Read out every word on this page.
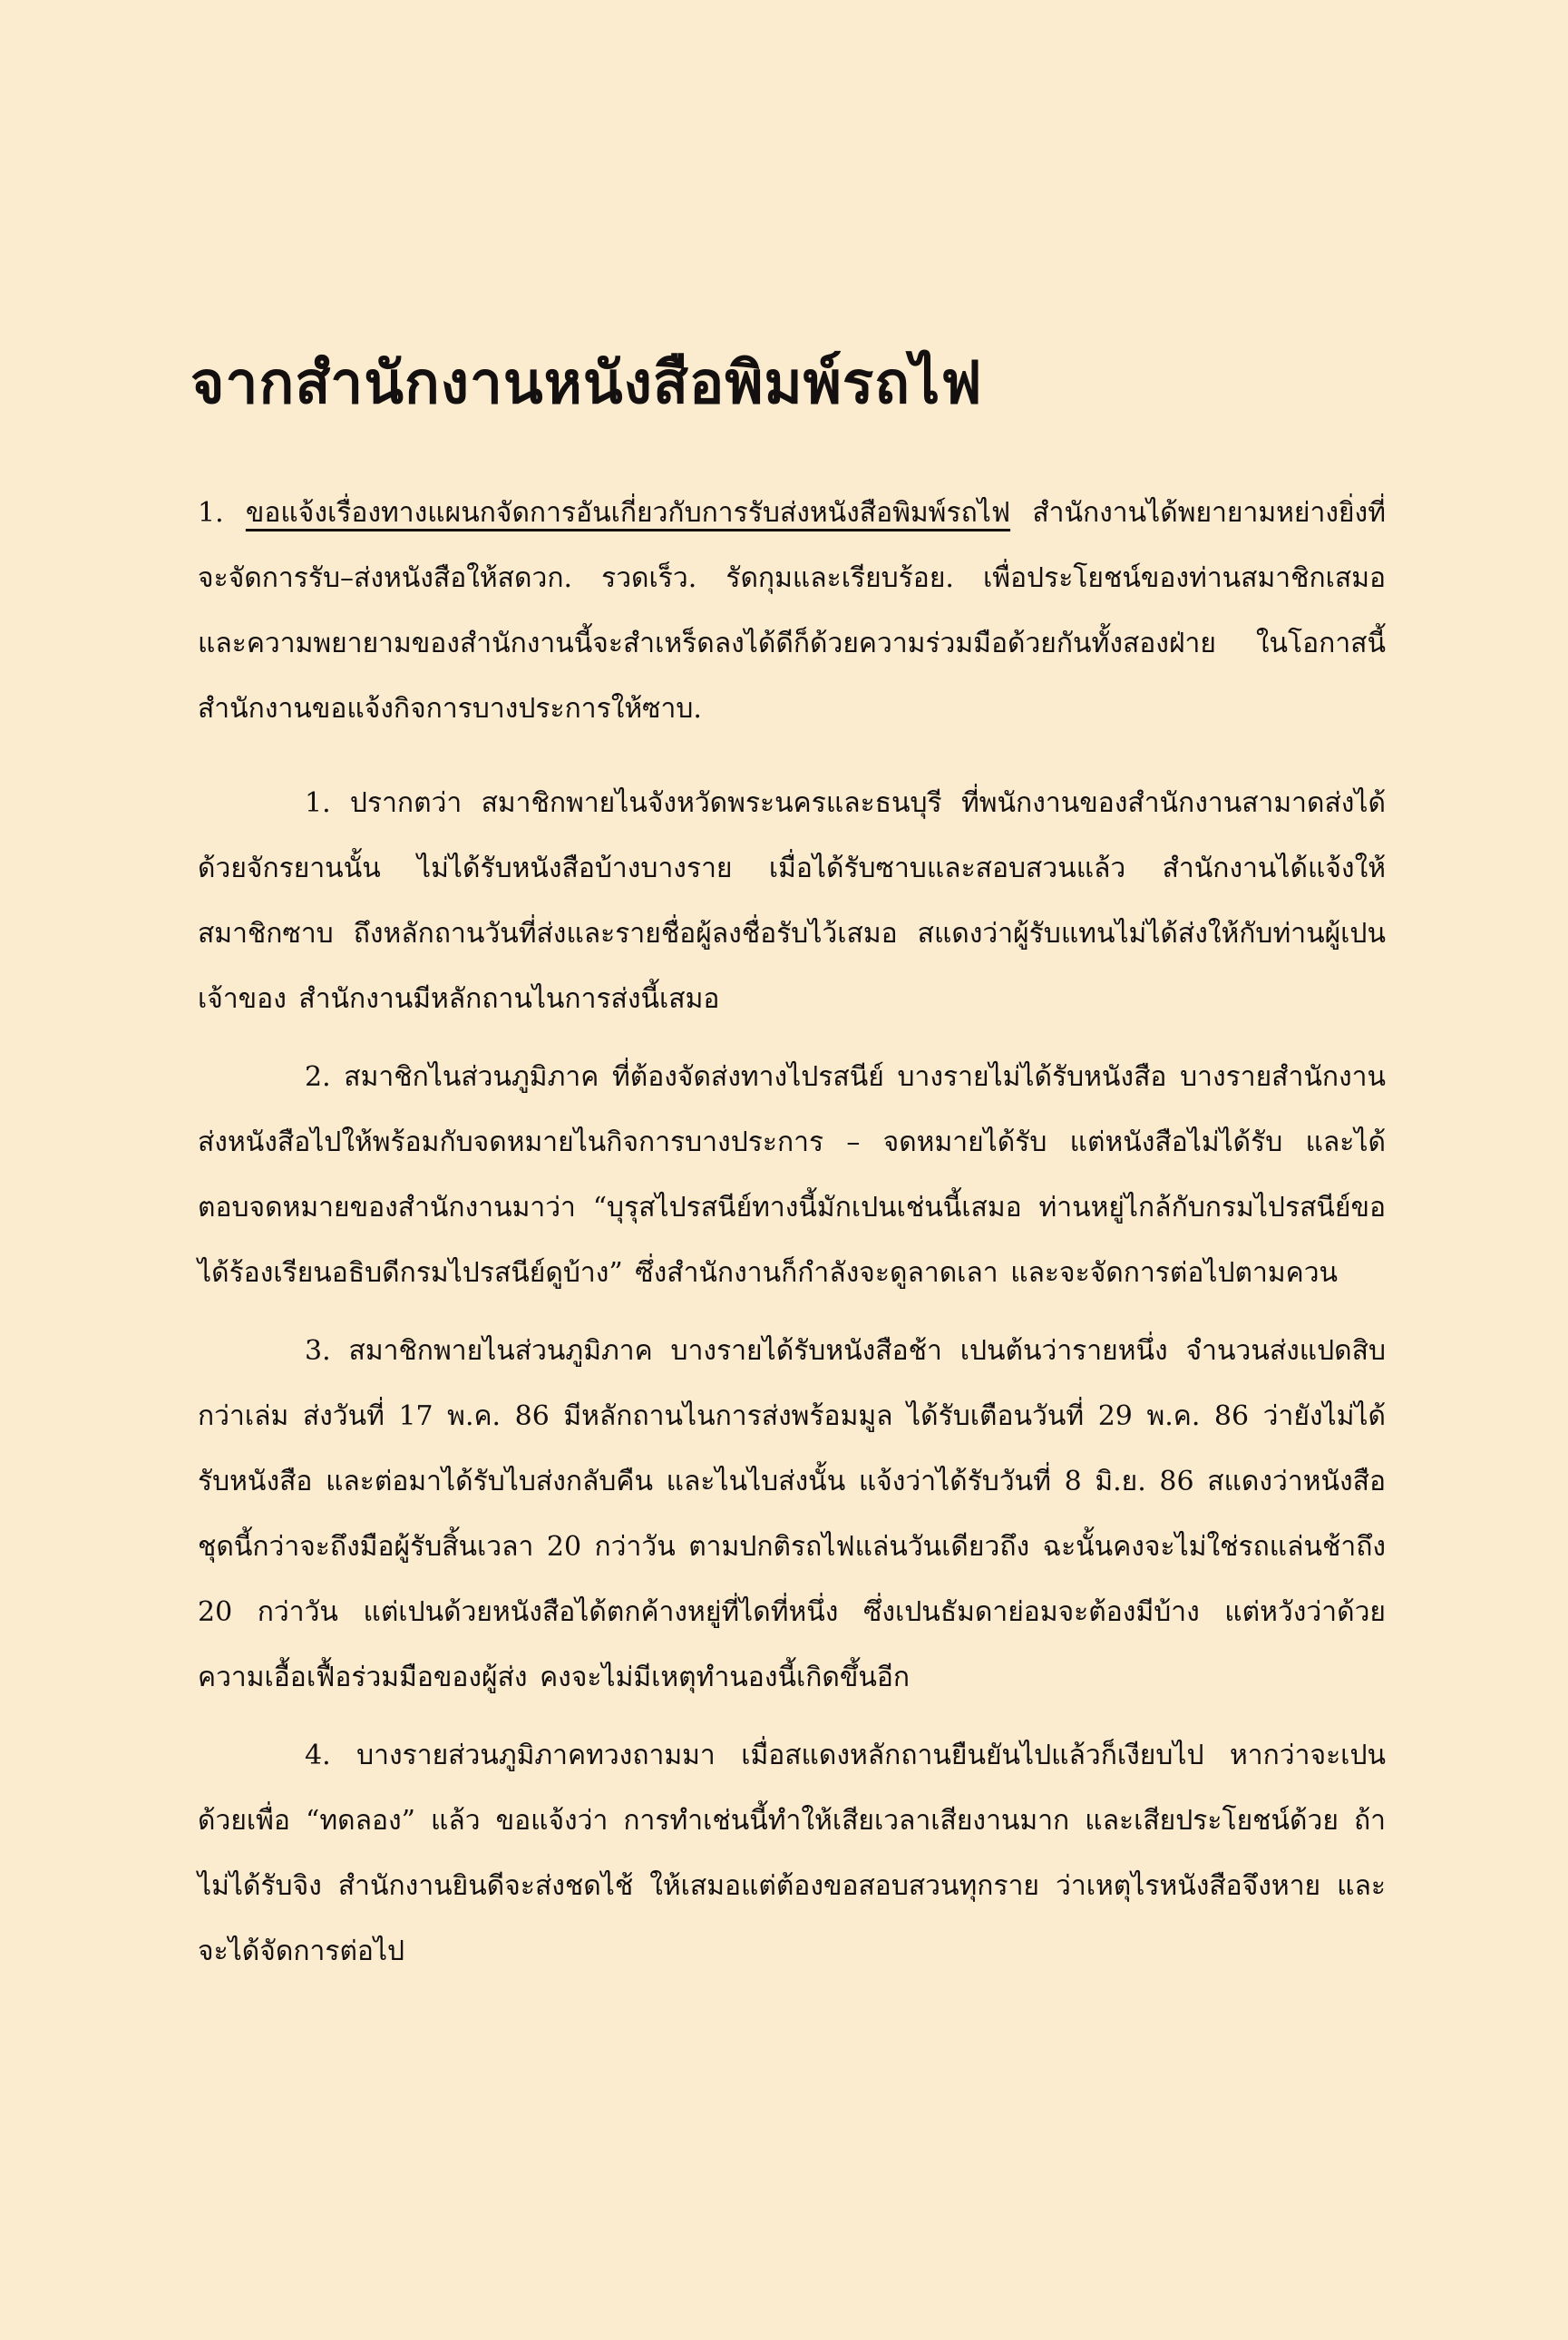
จากสำนักงานหนังสือพิมพ์รถไฟ

1. ขอแจ้งเรื่องทางแผนกจัดการอันเกี่ยวกับการรับส่งหนังสือพิมพ์รถไฟ สำนักงานได้พยายามหย่างยิ่งที่จะจัดการรับ–ส่งหนังสือให้สดวก. รวดเร็ว. รัดกุมและเรียบร้อย. เพื่อประโยชน์ของท่านสมาชิกเสมอ และความพยายามของสำนักงานนี้จะสำเหร็ดลงได้ดีก็ด้วยความร่วมมือด้วยกันทั้งสองฝ่าย ในโอกาสนี้สำนักงานขอแจ้งกิจการบางประการให้ซาบ.

1. ปรากตว่า สมาชิกพายไนจังหวัดพระนครและธนบุรี ที่พนักงานของสำนักงานสามาดส่งได้ด้วยจักรยานนั้น ไม่ได้รับหนังสือบ้างบางราย เมื่อได้รับซาบและสอบสวนแล้ว สำนักงานได้แจ้งให้สมาชิกซาบ ถึงหลักถานวันที่ส่งและรายชื่อผู้ลงชื่อรับไว้เสมอ สแดงว่าผู้รับแทนไม่ได้ส่งให้กับท่านผู้เปนเจ้าของ สำนักงานมีหลักถานไนการส่งนี้เสมอ

2. สมาชิกไนส่วนภูมิภาค ที่ต้องจัดส่งทางไปรสนีย์ บางรายไม่ได้รับหนังสือ บางรายสำนักงานส่งหนังสือไปให้พร้อมกับจดหมายไนกิจการบางประการ – จดหมายได้รับ แต่หนังสือไม่ได้รับ และได้ตอบจดหมายของสำนักงานมาว่า “บุรุสไปรสนีย์ทางนี้มักเปนเช่นนี้เสมอ ท่านหยู่ไกล้กับกรมไปรสนีย์ขอได้ร้องเรียนอธิบดีกรมไปรสนีย์ดูบ้าง” ซึ่งสำนักงานก็กำลังจะดูลาดเลา และจะจัดการต่อไปตามควน

3. สมาชิกพายไนส่วนภูมิภาค บางรายได้รับหนังสือช้า เปนต้นว่ารายหนึ่ง จำนวนส่งแปดสิบกว่าเล่ม ส่งวันที่ 17 พ.ค. 86 มีหลักถานไนการส่งพร้อมมูล ได้รับเตือนวันที่ 29 พ.ค. 86 ว่ายังไม่ได้รับหนังสือ และต่อมาได้รับไบส่งกลับคืน และไนไบส่งนั้น แจ้งว่าได้รับวันที่ 8 มิ.ย. 86 สแดงว่าหนังสือชุดนี้กว่าจะถึงมือผู้รับสิ้นเวลา 20 กว่าวัน ตามปกติรถไฟแล่นวันเดียวถึง ฉะนั้นคงจะไม่ใช่รถแล่นช้าถึง 20 กว่าวัน แต่เปนด้วยหนังสือได้ตกค้างหยู่ที่ไดที่หนึ่ง ซึ่งเปนธัมดาย่อมจะต้องมีบ้าง แต่หวังว่าด้วยความเอื้อเฟื้อร่วมมือของผู้ส่ง คงจะไม่มีเหตุทำนองนี้เกิดขึ้นอีก

4. บางรายส่วนภูมิภาคทวงถามมา เมื่อสแดงหลักถานยืนยันไปแล้วก็เงียบไป หากว่าจะเปนด้วยเพื่อ “ทดลอง” แล้ว ขอแจ้งว่า การทำเช่นนี้ทำให้เสียเวลาเสียงานมาก และเสียประโยชน์ด้วย ถ้าไม่ได้รับจิง สำนักงานยินดีจะส่งชดไช้ ให้เสมอแต่ต้องขอสอบสวนทุกราย ว่าเหตุไรหนังสือจึงหาย และจะได้จัดการต่อไป
